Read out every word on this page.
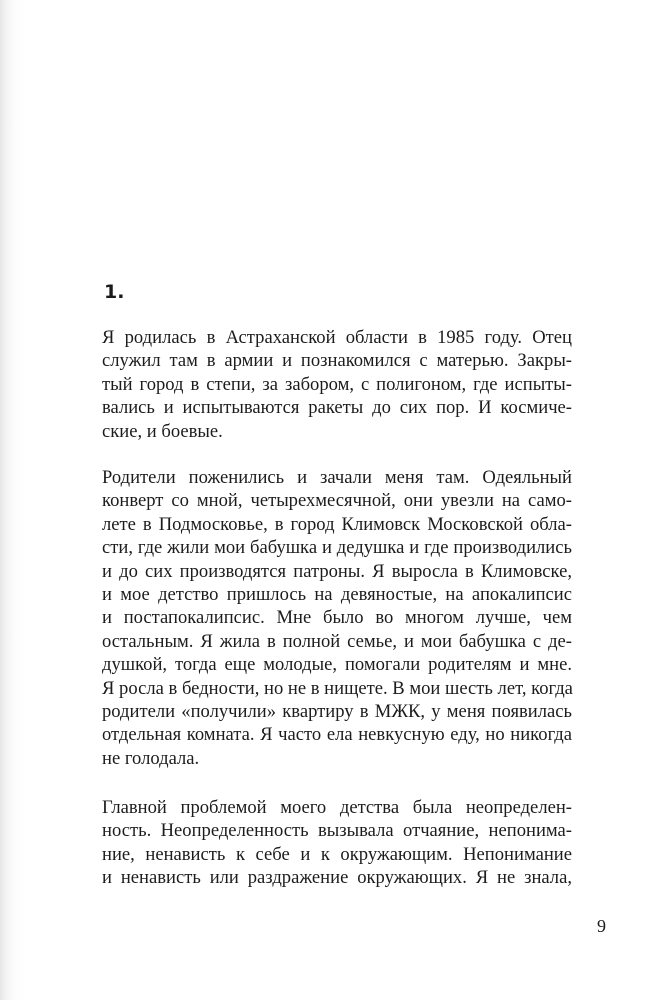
1.
Я родилась в Астраханской области в 1985 году. Отец
служил там в армии и познакомился с матерью. Закры-
тый город в степи, за забором, с полигоном, где испыты-
вались и испытываются ракеты до сих пор. И космиче-
ские, и боевые.
Родители поженились и зачали меня там. Одеяльный
конверт со мной, четырехмесячной, они увезли на само-
лете в Подмосковье, в город Климовск Московской обла-
сти, где жили мои бабушка и дедушка и где производились
и до сих производятся патроны. Я выросла в Климовске,
и мое детство пришлось на девяностые, на апокалипсис
и постапокалипсис. Мне было во многом лучше, чем
остальным. Я жила в полной семье, и мои бабушка с де-
душкой, тогда еще молодые, помогали родителям и мне.
Я росла в бедности, но не в нищете. В мои шесть лет, когда
родители «получили» квартиру в МЖК, у меня появилась
отдельная комната. Я часто ела невкусную еду, но никогда
не голодала.
Главной проблемой моего детства была неопределен-
ность. Неопределенность вызывала отчаяние, непонима-
ние, ненависть к себе и к окружающим. Непонимание
и ненависть или раздражение окружающих. Я не знала,
9
